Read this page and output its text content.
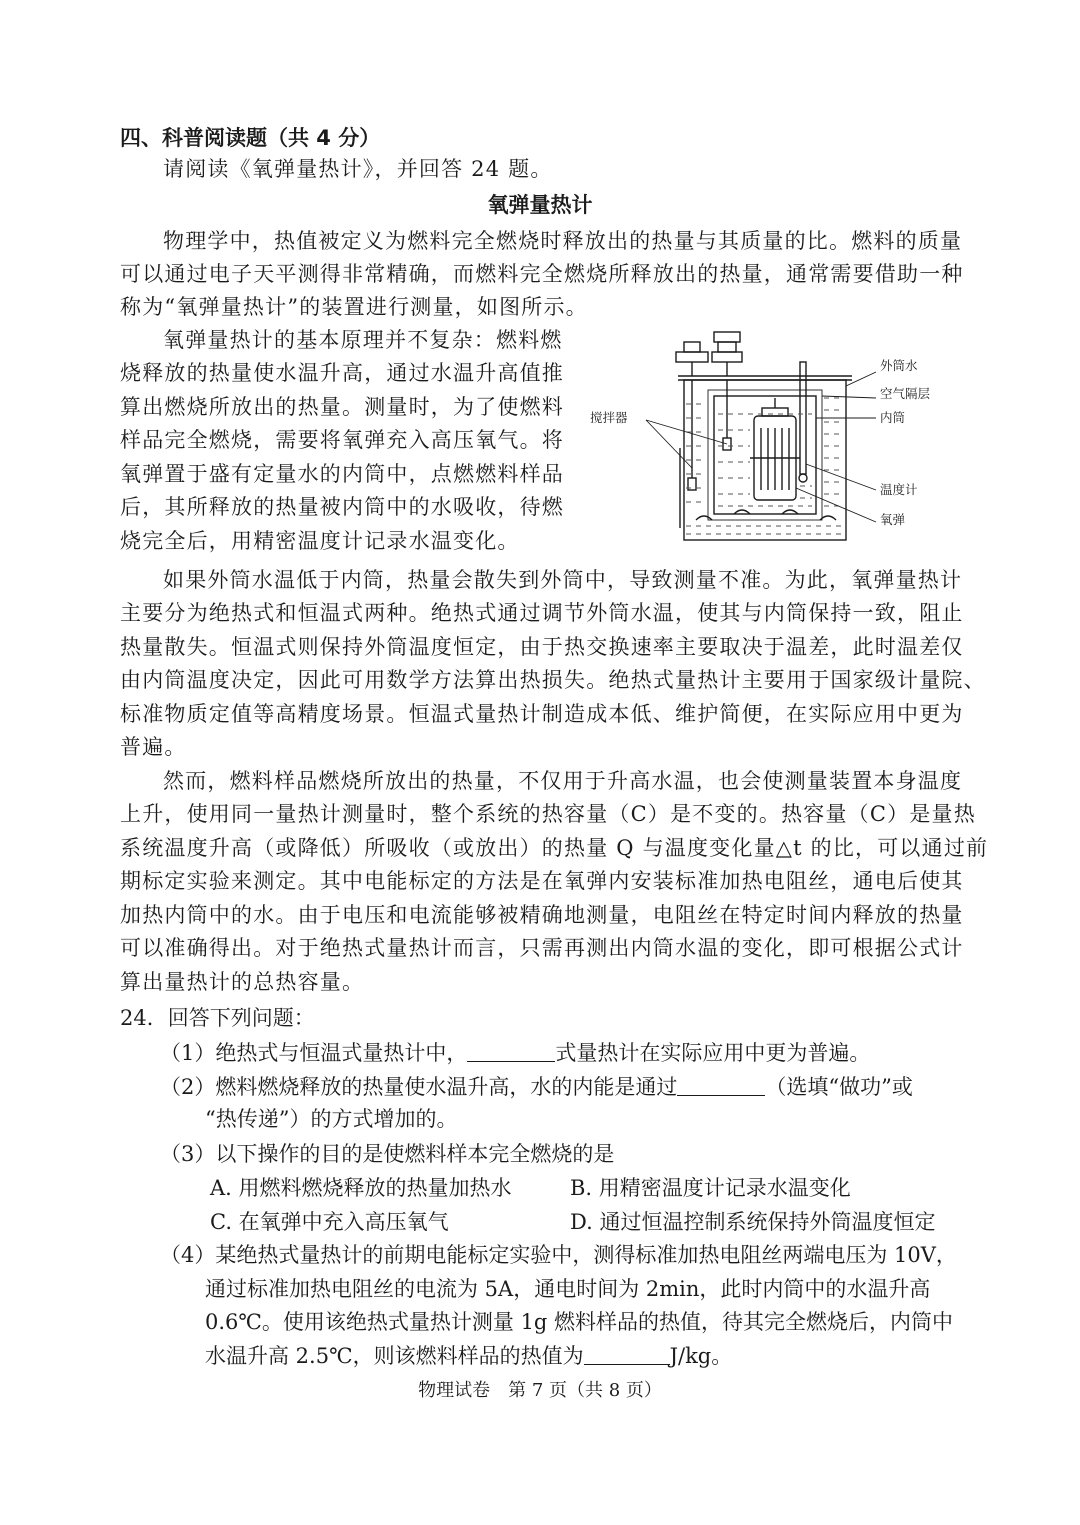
四、科普阅读题（共 4 分）
请阅读《氧弹量热计》，并回答 24 题。
氧弹量热计
物理学中，热值被定义为燃料完全燃烧时释放出的热量与其质量的比。燃料的质量
可以通过电子天平测得非常精确，而燃料完全燃烧所释放出的热量，通常需要借助一种
称为“氧弹量热计”的装置进行测量，如图所示。
氧弹量热计的基本原理并不复杂：燃料燃
烧释放的热量使水温升高，通过水温升高值推
算出燃烧所放出的热量。测量时，为了使燃料
样品完全燃烧，需要将氧弹充入高压氧气。将
氧弹置于盛有定量水的内筒中，点燃燃料样品
后，其所释放的热量被内筒中的水吸收，待燃
烧完全后，用精密温度计记录水温变化。
外筒水
空气隔层
内筒
温度计
氧弹
搅拌器
如果外筒水温低于内筒，热量会散失到外筒中，导致测量不准。为此，氧弹量热计
主要分为绝热式和恒温式两种。绝热式通过调节外筒水温，使其与内筒保持一致，阻止
热量散失。恒温式则保持外筒温度恒定，由于热交换速率主要取决于温差，此时温差仅
由内筒温度决定，因此可用数学方法算出热损失。绝热式量热计主要用于国家级计量院、
标准物质定值等高精度场景。恒温式量热计制造成本低、维护简便，在实际应用中更为
普遍。
然而，燃料样品燃烧所放出的热量，不仅用于升高水温，也会使测量装置本身温度
上升，使用同一量热计测量时，整个系统的热容量（C）是不变的。热容量（C）是量热
系统温度升高（或降低）所吸收（或放出）的热量 Q 与温度变化量△t 的比，可以通过前
期标定实验来测定。其中电能标定的方法是在氧弹内安装标准加热电阻丝，通电后使其
加热内筒中的水。由于电压和电流能够被精确地测量，电阻丝在特定时间内释放的热量
可以准确得出。对于绝热式量热计而言，只需再测出内筒水温的变化，即可根据公式计
算出量热计的总热容量。
24．回答下列问题：
（1）绝热式与恒温式量热计中，	式量热计在实际应用中更为普遍。
（2）燃料燃烧释放的热量使水温升高，水的内能是通过	（选填“做功”或
“热传递”）的方式增加的。
（3）以下操作的目的是使燃料样本完全燃烧的是
A. 用燃料燃烧释放的热量加热水	B. 用精密温度计记录水温变化
C. 在氧弹中充入高压氧气	D. 通过恒温控制系统保持外筒温度恒定
（4）某绝热式量热计的前期电能标定实验中，测得标准加热电阻丝两端电压为 10V，
通过标准加热电阻丝的电流为 5A，通电时间为 2min，此时内筒中的水温升高
0.6℃。使用该绝热式量热计测量 1g 燃料样品的热值，待其完全燃烧后，内筒中
水温升高 2.5℃，则该燃料样品的热值为	J/kg。
物理试卷　第 7 页（共 8 页）
